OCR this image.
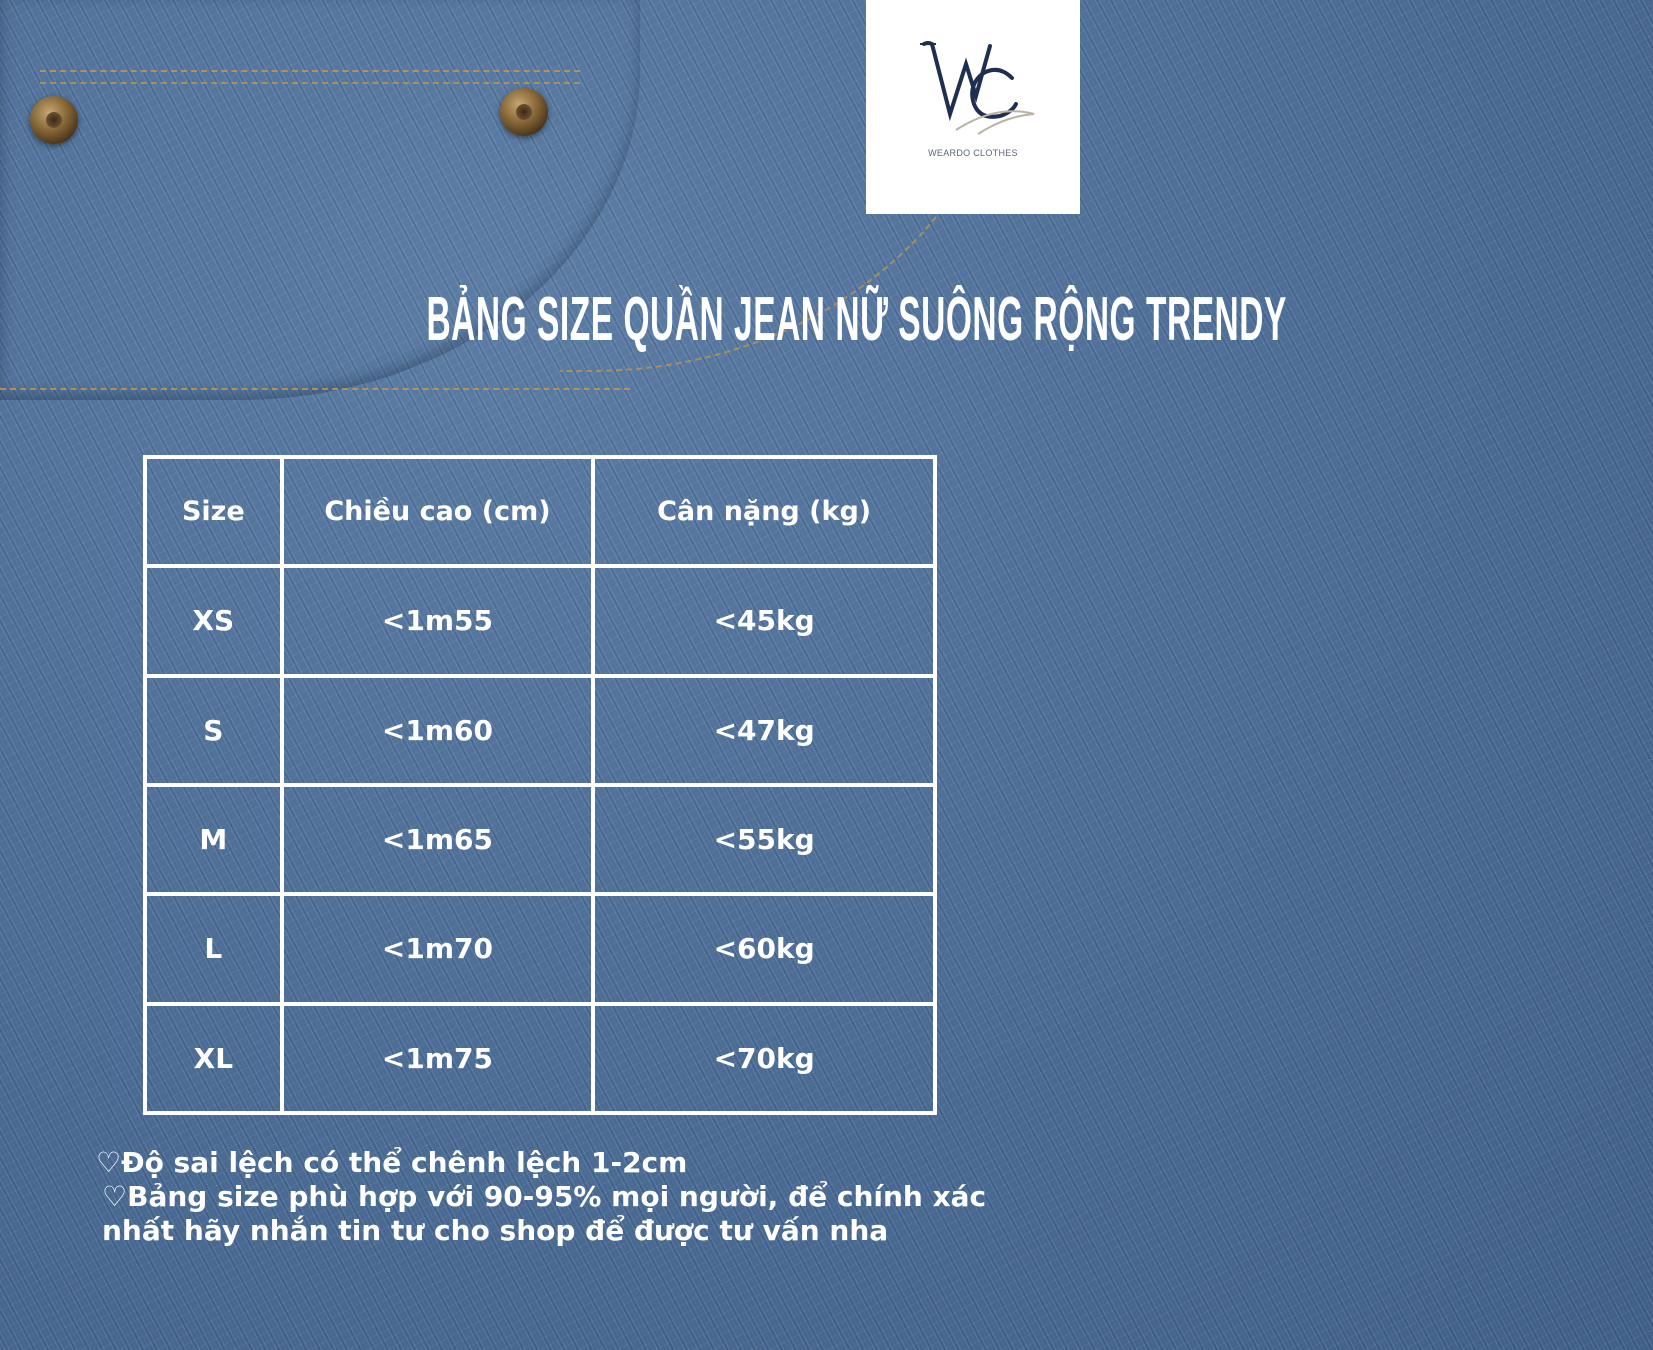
WEARDO CLOTHES
BẢNG SIZE QUẦN JEAN NỮ SUÔNG RỘNG TRENDY
Size	Chiều cao (cm)	Cân nặng (kg)
XS	<1m55	<45kg
S	<1m60	<47kg
M	<1m65	<55kg
L	<1m70	<60kg
XL	<1m75	<70kg
♡Độ sai lệch có thể chênh lệch 1-2cm
♡Bảng size phù hợp với 90-95% mọi người, để chính xác nhất hãy nhắn tin tư cho shop để được tư vấn nha
